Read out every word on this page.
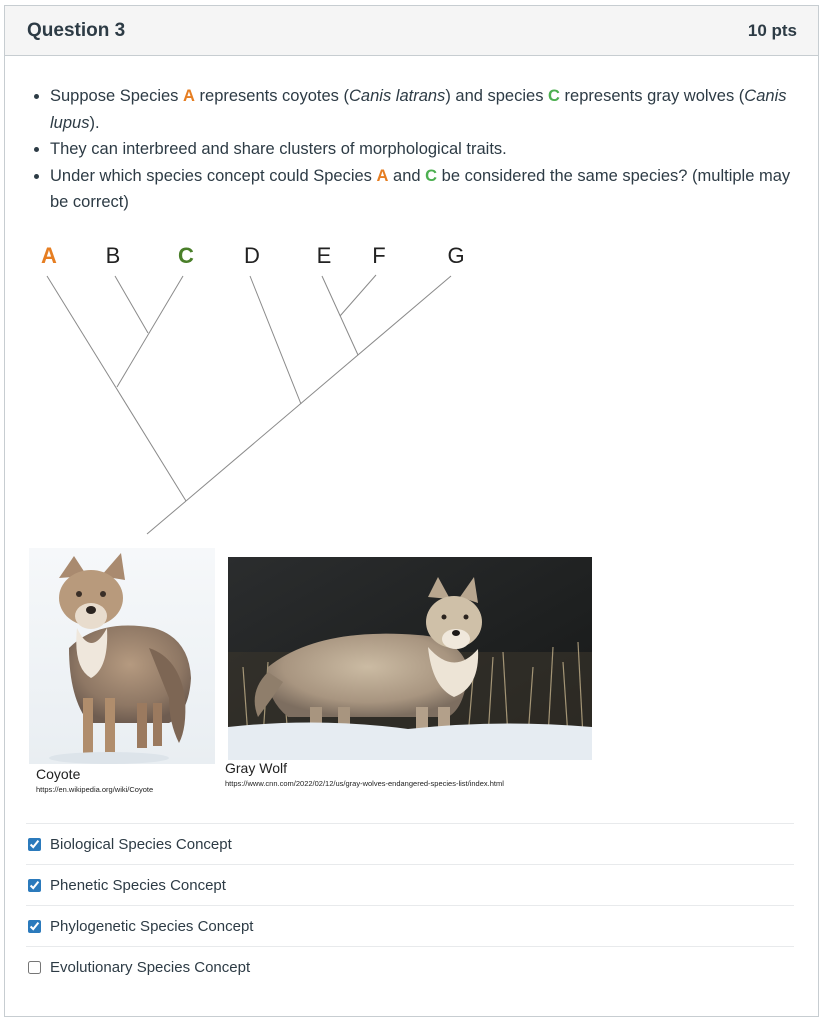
Question 3	10 pts
• Suppose Species A represents coyotes (Canis latrans) and species C represents gray wolves (Canis lupus).
• They can interbreed and share clusters of morphological traits.
• Under which species concept could Species A and C be considered the same species? (multiple may be correct)
A B	C D	E F	G
Coyote
https://en.wikipedia.org/wiki/Coyote
Gray Wolf
https://www.cnn.com/2022/02/12/us/gray-wolves-endangered-species-list/index.html
Biological Species Concept
Phenetic Species Concept
Phylogenetic Species Concept
Evolutionary Species Concept
